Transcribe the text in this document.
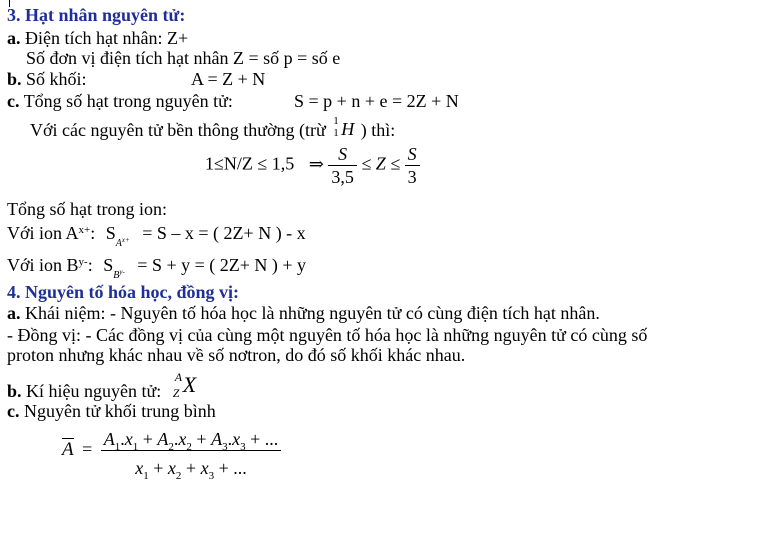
3. Hạt nhân nguyên tử:
a. Điện tích hạt nhân: Z+
Số đơn vị điện tích hạt nhân Z = số p = số e
b. Số khối:	A = Z + N
c. Tổng số hạt trong nguyên tử:	S = p + n + e = 2Z + N
Với các nguyên tử bền thông thường (trừ 1
1 H ) thì:
1≤N/Z ≤ 1,5 ⇒ $\frac{S}{3,5} \le Z \le \frac{S}{3}$
Tổng số hạt trong ion:
Với ion $A^{x+}$: $S_Ax+ = S - x$ = ( 2Z+ N ) - x
Với ion $B^{y-}$: $S_By- = S + y$ = ( 2Z+ N ) + y
4. Nguyên tố hóa học, đồng vị:
a. Khái niệm: - Nguyên tố hóa học là những nguyên tử có cùng điện tích hạt nhân.
- Đồng vị: - Các đồng vị của cùng một nguyên tố hóa học là những nguyên tử có cùng số
proton nhưng khác nhau về số nơtron, do đó số khối khác nhau.
b. Kí hiệu nguyên tử:
A
Z X
c. Nguyên tử khối trung bình
$A = \frac{A_1.x_1 + A_2.x_2 + A_3.x_3 + ...}{x_1 + x_2 + x_3 + ...}$
